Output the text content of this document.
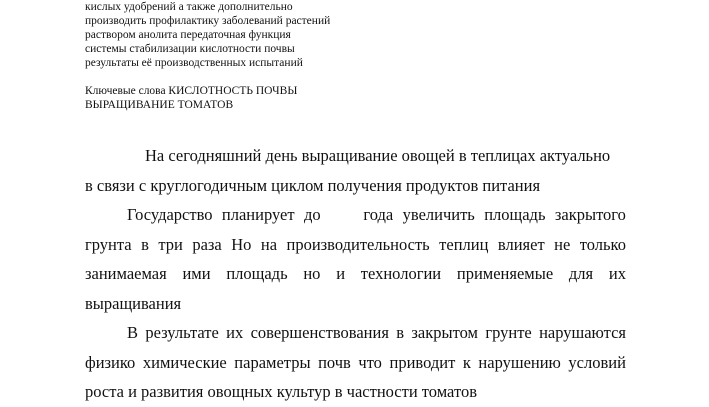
кислых удобрений а также дополнительно
производить профилактику заболеваний растений
раствором анолита передаточная функция
системы стабилизации кислотности почвы
результаты её производственных испытаний
Ключевые слова КИСЛОТНОСТЬ ПОЧВЫ
ВЫРАЩИВАНИЕ ТОМАТОВ
На сегодняшний день выращивание овощей в теплицах актуально
в связи с круглогодичным циклом получения продуктов питания
Государство планирует до	года увеличить площадь закрытого
грунта в три раза Но на производительность теплиц влияет не только
занимаемая ими площадь но и технологии применяемые для их
выращивания
В результате их совершенствования в закрытом грунте нарушаются
физико химические параметры почв что приводит к нарушению условий
роста и развития овощных культур в частности томатов
